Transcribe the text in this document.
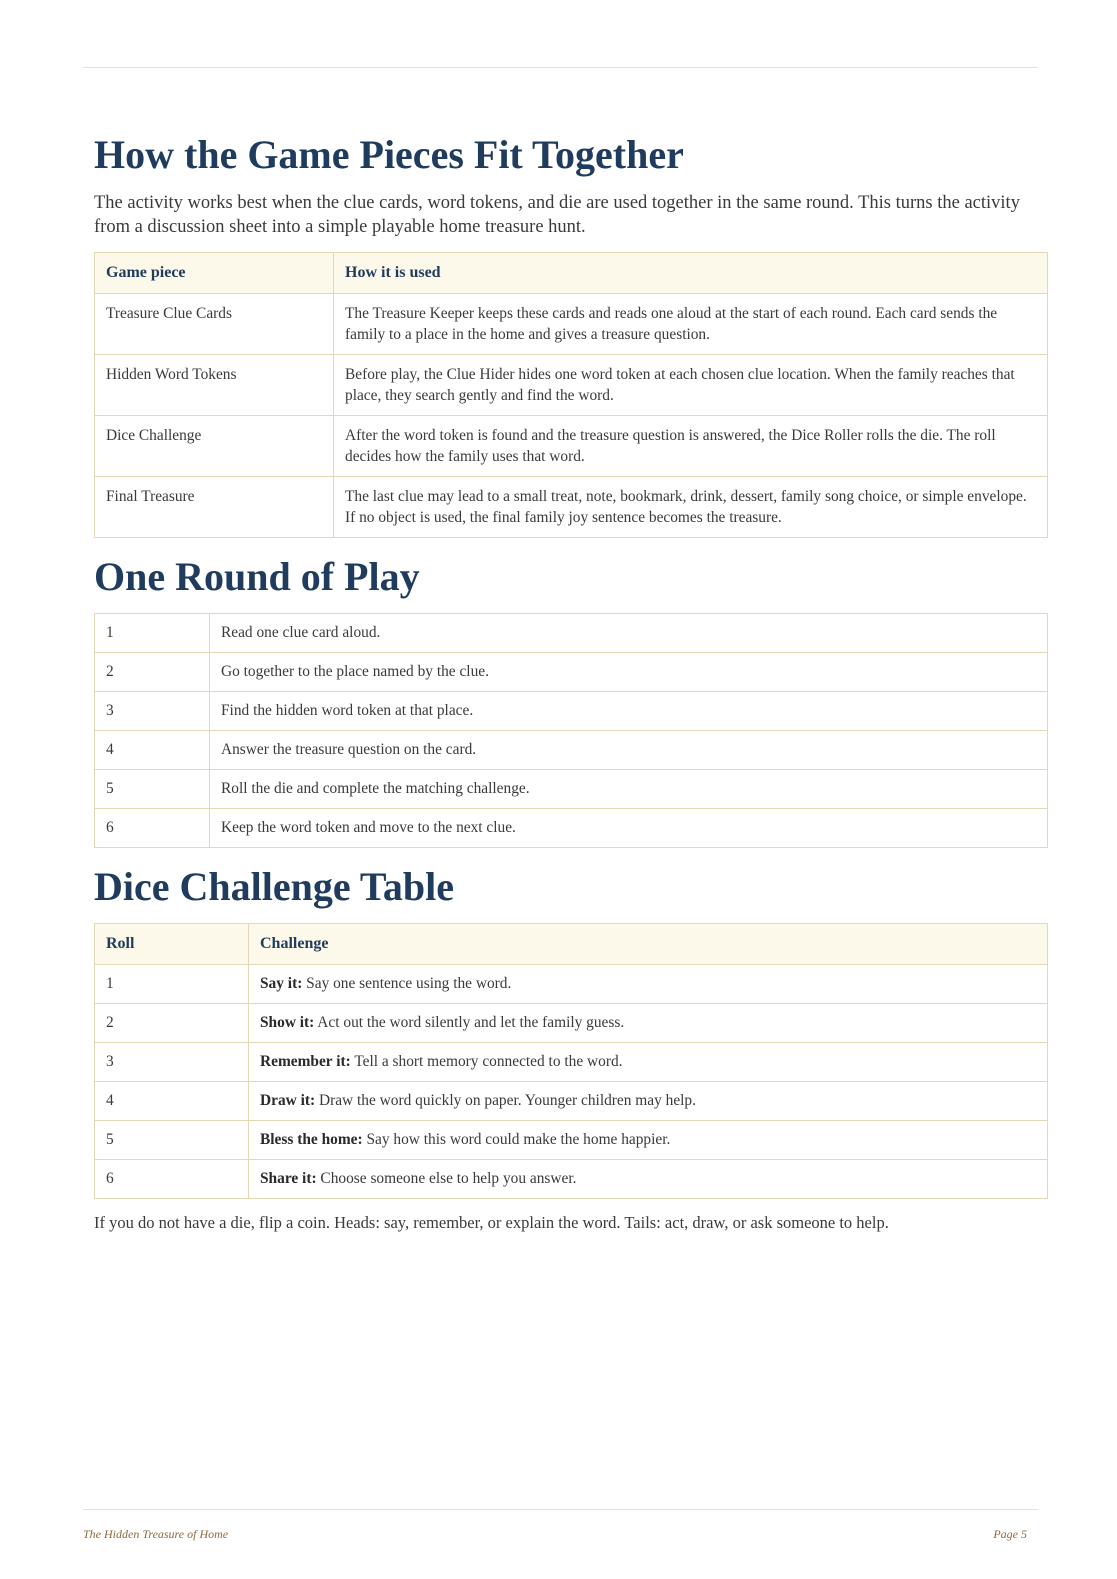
How the Game Pieces Fit Together

The activity works best when the clue cards, word tokens, and die are used together in the same round. This turns the activity from a discussion sheet into a simple playable home treasure hunt.

Game piece	How it is used
Treasure Clue Cards	The Treasure Keeper keeps these cards and reads one aloud at the start of each round. Each card sends the family to a place in the home and gives a treasure question.
Hidden Word Tokens	Before play, the Clue Hider hides one word token at each chosen clue location. When the family reaches that place, they search gently and find the word.
Dice Challenge	After the word token is found and the treasure question is answered, the Dice Roller rolls the die. The roll decides how the family uses that word.
Final Treasure	The last clue may lead to a small treat, note, bookmark, drink, dessert, family song choice, or simple envelope. If no object is used, the final family joy sentence becomes the treasure.
One Round of Play
1	Read one clue card aloud.
2	Go together to the place named by the clue.
3	Find the hidden word token at that place.
4	Answer the treasure question on the card.
5	Roll the die and complete the matching challenge.
6	Keep the word token and move to the next clue.
Dice Challenge Table
Roll	Challenge
1	Say it: Say one sentence using the word.
2	Show it: Act out the word silently and let the family guess.
3	Remember it: Tell a short memory connected to the word.
4	Draw it: Draw the word quickly on paper. Younger children may help.
5	Bless the home: Say how this word could make the home happier.
6	Share it: Choose someone else to help you answer.

If you do not have a die, flip a coin. Heads: say, remember, or explain the word. Tails: act, draw, or ask someone to help.

The Hidden Treasure of Home	Page 5
